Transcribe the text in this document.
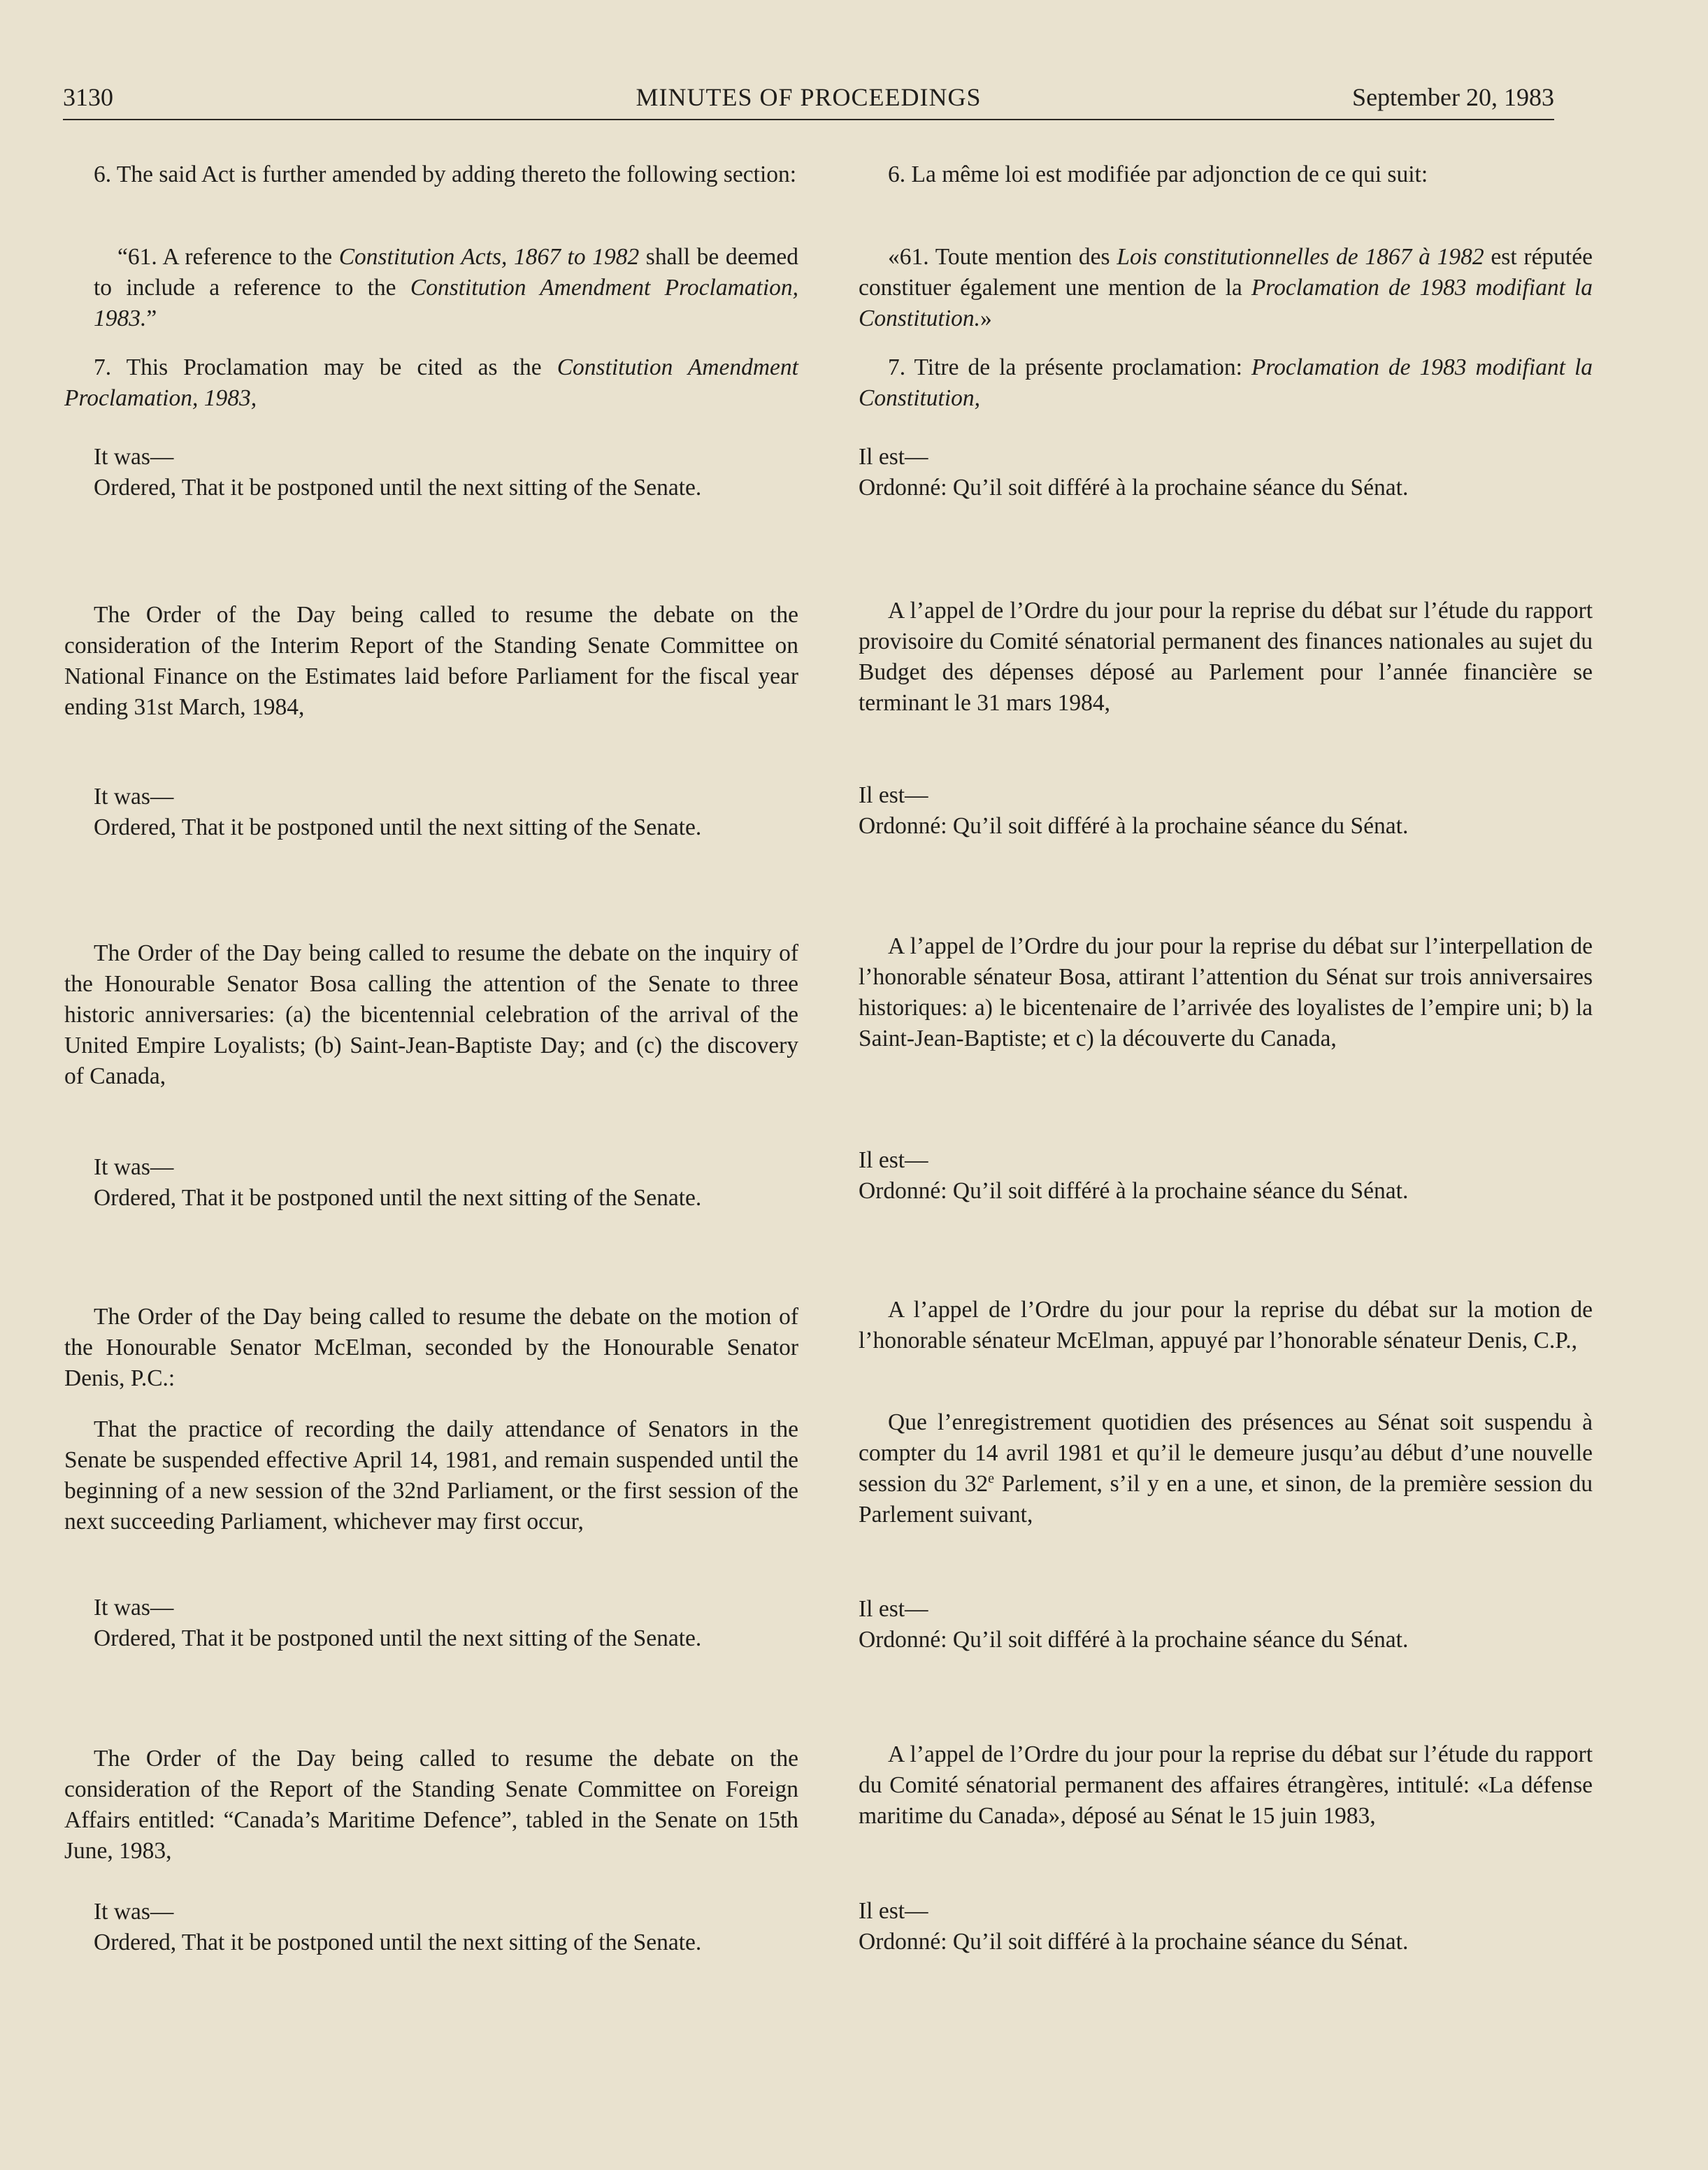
3130	MINUTES OF PROCEEDINGS	September 20, 1983

6. The said Act is further amended by adding thereto the following section:

“61. A reference to the Constitution Acts, 1867 to 1982 shall be deemed to include a reference to the Constitution Amendment Proclamation, 1983.”

7. This Proclamation may be cited as the Constitution Amendment Proclamation, 1983,

It was—
Ordered, That it be postponed until the next sitting of the Senate.

The Order of the Day being called to resume the debate on the consideration of the Interim Report of the Standing Senate Committee on National Finance on the Estimates laid before Parliament for the fiscal year ending 31st March, 1984,

It was—
Ordered, That it be postponed until the next sitting of the Senate.

The Order of the Day being called to resume the debate on the inquiry of the Honourable Senator Bosa calling the attention of the Senate to three historic anniversaries: (a) the bicentennial celebration of the arrival of the United Empire Loyalists; (b) Saint-Jean-Baptiste Day; and (c) the discovery of Canada,

It was—
Ordered, That it be postponed until the next sitting of the Senate.

The Order of the Day being called to resume the debate on the motion of the Honourable Senator McElman, seconded by the Honourable Senator Denis, P.C.:

That the practice of recording the daily attendance of Senators in the Senate be suspended effective April 14, 1981, and remain suspended until the beginning of a new session of the 32nd Parliament, or the first session of the next succeeding Parliament, whichever may first occur,

It was—
Ordered, That it be postponed until the next sitting of the Senate.

The Order of the Day being called to resume the debate on the consideration of the Report of the Standing Senate Committee on Foreign Affairs entitled: “Canada’s Maritime Defence”, tabled in the Senate on 15th June, 1983,

It was—
Ordered, That it be postponed until the next sitting of the Senate.

6. La même loi est modifiée par adjonction de ce qui suit:

«61. Toute mention des Lois constitutionnelles de 1867 à 1982 est réputée constituer également une mention de la Proclamation de 1983 modifiant la Constitution.»

7. Titre de la présente proclamation: Proclamation de 1983 modifiant la Constitution,

Il est—
Ordonné: Qu’il soit différé à la prochaine séance du Sénat.

A l’appel de l’Ordre du jour pour la reprise du débat sur l’étude du rapport provisoire du Comité sénatorial permanent des finances nationales au sujet du Budget des dépenses déposé au Parlement pour l’année financière se terminant le 31 mars 1984,

Il est—
Ordonné: Qu’il soit différé à la prochaine séance du Sénat.

A l’appel de l’Ordre du jour pour la reprise du débat sur l’interpellation de l’honorable sénateur Bosa, attirant l’attention du Sénat sur trois anniversaires historiques: a) le bicentenaire de l’arrivée des loyalistes de l’empire uni; b) la Saint-Jean-Baptiste; et c) la découverte du Canada,

Il est—
Ordonné: Qu’il soit différé à la prochaine séance du Sénat.

A l’appel de l’Ordre du jour pour la reprise du débat sur la motion de l’honorable sénateur McElman, appuyé par l’honorable sénateur Denis, C.P.,

Que l’enregistrement quotidien des présences au Sénat soit suspendu à compter du 14 avril 1981 et qu’il le demeure jusqu’au début d’une nouvelle session du 32e Parlement, s’il y en a une, et sinon, de la première session du Parlement suivant,

Il est—
Ordonné: Qu’il soit différé à la prochaine séance du Sénat.

A l’appel de l’Ordre du jour pour la reprise du débat sur l’étude du rapport du Comité sénatorial permanent des affaires étrangères, intitulé: «La défense maritime du Canada», déposé au Sénat le 15 juin 1983,

Il est—
Ordonné: Qu’il soit différé à la prochaine séance du Sénat.
